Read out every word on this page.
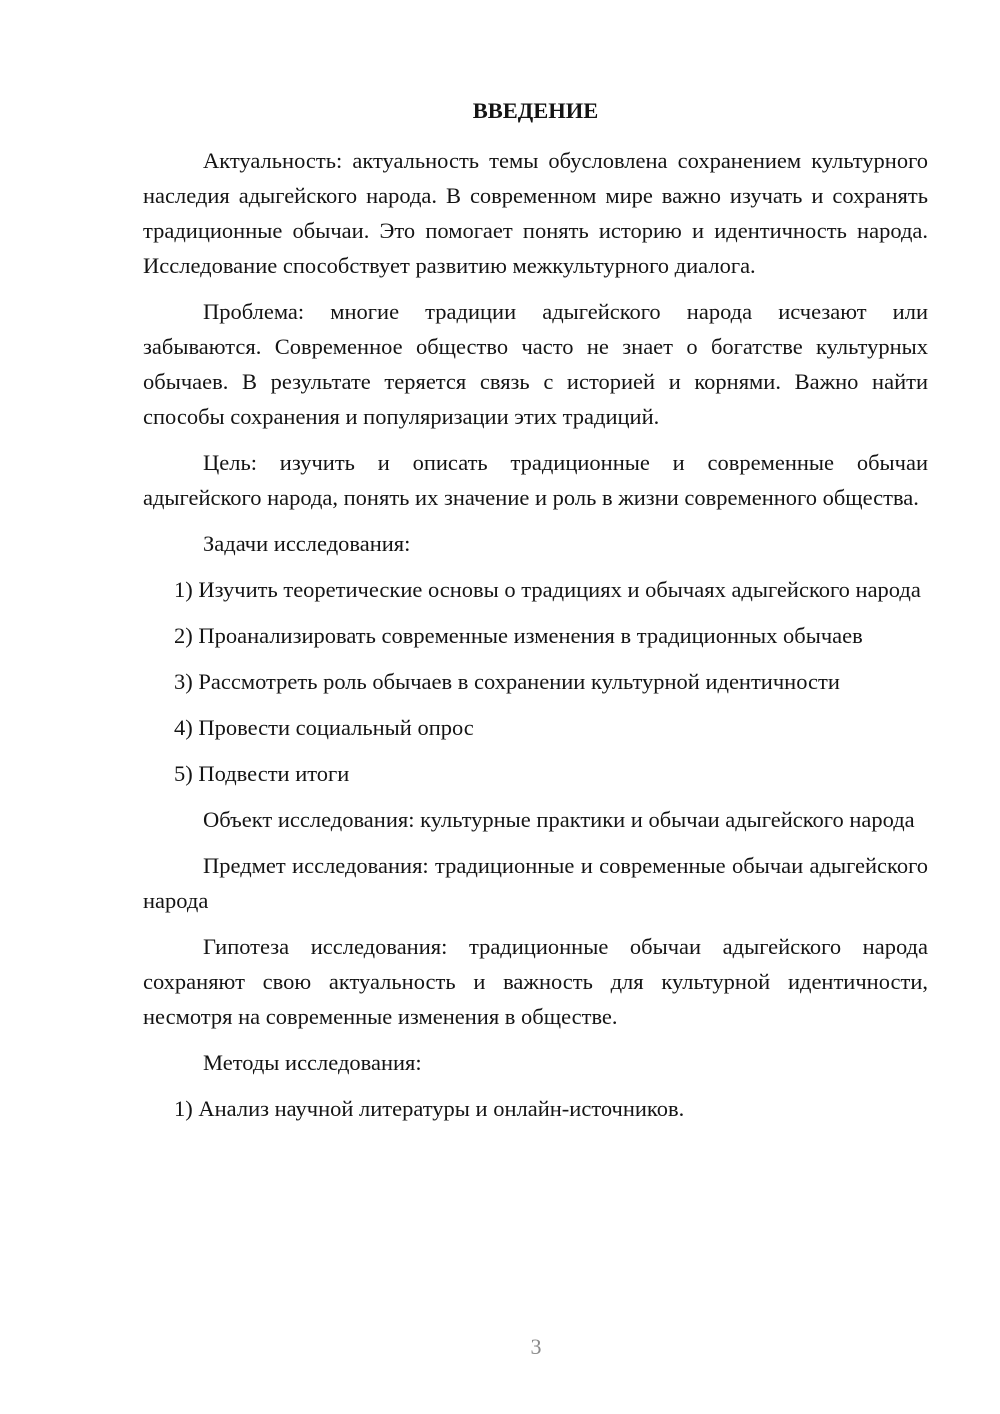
ВВЕДЕНИЕ

Актуальность: актуальность темы обусловлена сохранением культурного наследия адыгейского народа. В современном мире важно изучать и сохранять традиционные обычаи. Это помогает понять историю и идентичность народа. Исследование способствует развитию межкультурного диалога.

Проблема: многие традиции адыгейского народа исчезают или забываются. Современное общество часто не знает о богатстве культурных обычаев. В результате теряется связь с историей и корнями. Важно найти способы сохранения и популяризации этих традиций.

Цель: изучить и описать традиционные и современные обычаи адыгейского народа, понять их значение и роль в жизни современного общества.

Задачи исследования:

1) Изучить теоретические основы о традициях и обычаях адыгейского народа

2) Проанализировать современные изменения в традиционных обычаев

3) Рассмотреть роль обычаев в сохранении культурной идентичности

4) Провести социальный опрос

5) Подвести итоги

Объект исследования: культурные практики и обычаи адыгейского народа

Предмет исследования: традиционные и современные обычаи адыгейского народа

Гипотеза исследования: традиционные обычаи адыгейского народа сохраняют свою актуальность и важность для культурной идентичности, несмотря на современные изменения в обществе.

Методы исследования:

1) Анализ научной литературы и онлайн-источников.

3
